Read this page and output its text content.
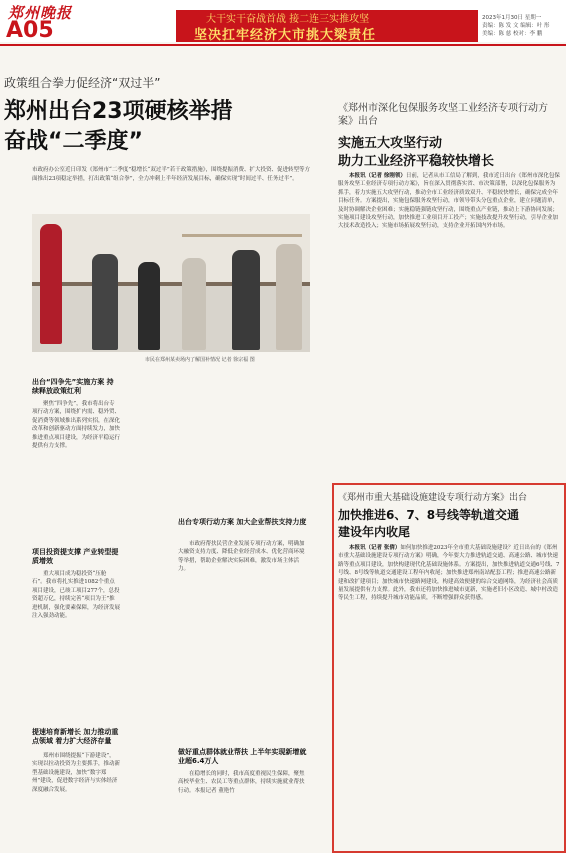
郑州晚报
A05	大干实干奋战首战 接二连三实推攻坚
坚决扛牢经济大市挑大梁责任
2023年1月30日 星期一
责编：陈 发 文 编辑：叶 彤
美编：陈 慈 校对：李 鹏
政策组合拳力促经济“双过半”
郑州出台23项硬核举措
奋战“二季度”
市政府办公室近日印发《郑州市“二季度”稳增长“双过半”若干政策措施》，围绕提振消费、扩大投资、促进转型等方面推出23项稳定举措，打出政策“组合拳”，全力冲刺上半年经济发展目标，确保实现“时间过半、任务过半”。
市民在郑州某卖场内了解国补情况 记者 徐宗福 图
出台“四争先”实施方案 持续释放政策红利

聚焦“四争先”，我市将出台专项行动方案，围绕扩内需、稳外贸、促消费等领域推出系列实招，在深化改革和创新驱动方面持续发力，加快推进重点项目建设，为经济平稳运行提供有力支撑。

项目投资提支撑 产业转型提质增效

重大项目成为稳投资“压舱石”。我市将扎实推进1082个重点项目建设，已竣工项目277个，总投资超万亿，持续完善“项目为王”推进机制，强化要素保障，为经济发展注入强劲动能。

提速培育新增长 加力推动重点领域 着力扩大经济存量

郑州市围绕提振“下游建设”，实现以拉动投资为主要抓手，推动新型基础设施建设，加快“数字郑州”建设，促进数字经济与实体经济深度融合发展。

出台专项行动方案 加大企业帮扶支持力度

市政府帮扶民营企业发展专项行动方案，明确加大融资支持力度、降低企业经营成本、优化营商环境等举措，帮助企业解决实际困难，激发市场主体活力。

做好重点群体就业帮扶 上半年实现新增就业超6.4万人

在稳增长的同时，我市高度重视民生保障，聚焦高校毕业生、农民工等重点群体，持续实施就业帮扶行动。本报记者 董艳竹

《郑州市深化包保服务攻坚工业经济专项行动方案》出台
实施五大攻坚行动
助力工业经济平稳较快增长

本报讯（记者 徐刚领）日前，记者从市工信局了解到，我市近日出台《郑州市深化包保服务攻坚工业经济专项行动方案》，旨在深入贯彻落实省、市决策部署，以深化包保服务为抓手，着力实施五大攻坚行动，推动全市工业经济质效双升、平稳较快增长，确保完成全年目标任务。方案提出，实施包保服务攻坚行动，市领导带头分包重点企业，建立问题清单，及时协调解决企业困难；实施稳链强链攻坚行动，围绕重点产业链，推动上下游协同发展；实施项目建设攻坚行动，加快推进工业项目开工投产；实施技改提升攻坚行动，引导企业加大技术改造投入；实施市场拓展攻坚行动，支持企业开拓国内外市场。

《郑州市重大基础设施建设专项行动方案》出台
加快推进6、7、8号线等轨道交通
建设年内收尾

本报讯（记者 张倩）如何加快推进2023年全市重大基础设施建设？近日出台的《郑州市重大基础设施建设专项行动方案》明确，今年要大力推进轨道交通、高速公路、城市快速路等重点项目建设，加快构建现代化基础设施体系。方案提出，加快推进轨道交通6号线、7号线、8号线等轨道交通建设工程年内收尾；加快推进郑州南站配套工程；推进高速公路新建和改扩建项目；加快城市快速路网建设，构建高效便捷的综合交通网络，为经济社会高质量发展提供有力支撑。此外，我市还将加快推进城市更新，实施老旧小区改造、城中村改造等民生工程，持续提升城市功能品质，不断增强群众获得感。
